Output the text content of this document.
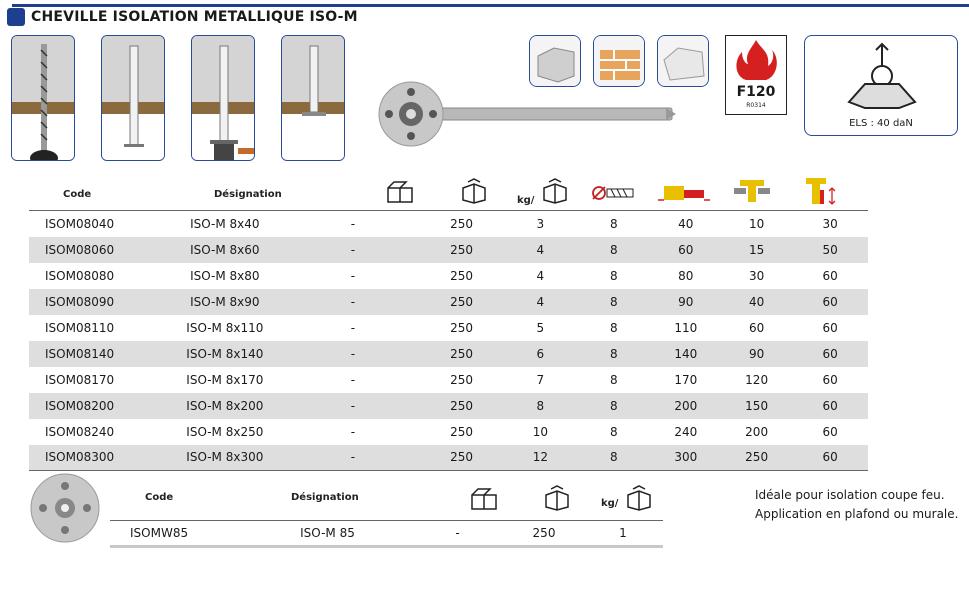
CHEVILLE ISOLATION METALLIQUE ISO-M
F120
R0314
ELS : 40 daN
Code	Désignation
kg/
ISOM08040	ISO-M 8x40	-	250	3	8	40	10	30
ISOM08060	ISO-M 8x60	-	250	4	8	60	15	50
ISOM08080	ISO-M 8x80	-	250	4	8	80	30	60
ISOM08090	ISO-M 8x90	-	250	4	8	90	40	60
ISOM08110	ISO-M 8x110	-	250	5	8	110	60	60
ISOM08140	ISO-M 8x140	-	250	6	8	140	90	60
ISOM08170	ISO-M 8x170	-	250	7	8	170	120	60
ISOM08200	ISO-M 8x200	-	250	8	8	200	150	60
ISOM08240	ISO-M 8x250	-	250	10	8	240	200	60
ISOM08300	ISO-M 8x300	-	250	12	8	300	250	60
Code	Désignation
kg/
ISOMW85	ISO-M 85	-	250	1
Idéale pour isolation coupe feu.
Application en plafond ou murale.
